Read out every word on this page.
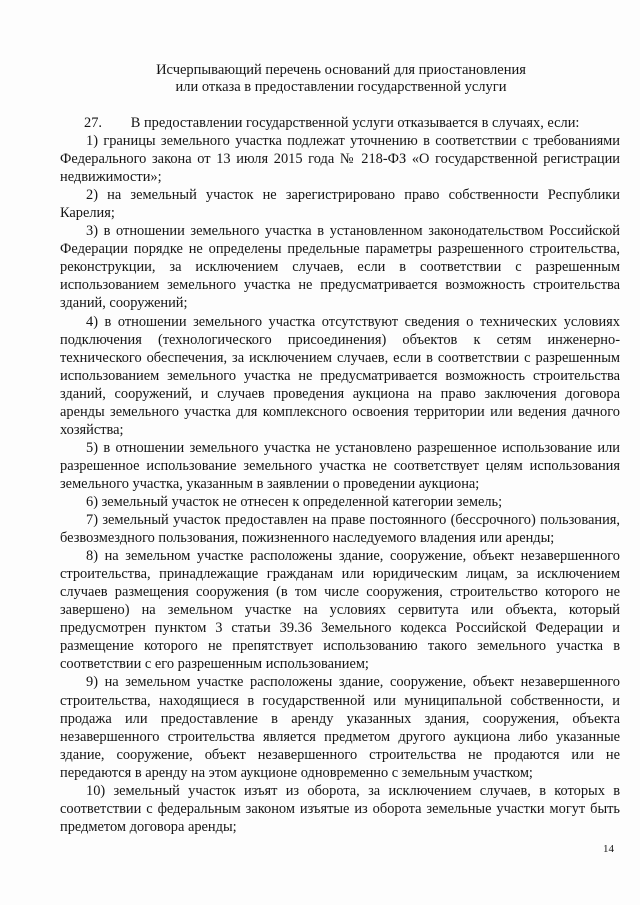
Исчерпывающий перечень оснований для приостановления
или отказа в предоставлении государственной услуги

27.        В предоставлении государственной услуги отказывается в случаях, если:

1) границы земельного участка подлежат уточнению в соответствии с требованиями Федерального закона от 13 июля 2015 года № 218-ФЗ «О государственной регистрации недвижимости»;

2) на земельный участок не зарегистрировано право собственности Республики Карелия;

3) в отношении земельного участка в установленном законодательством Российской Федерации порядке не определены предельные параметры разрешенного строительства, реконструкции, за исключением случаев, если в соответствии с разрешенным использованием земельного участка не предусматривается возможность строительства зданий, сооружений;

4) в отношении земельного участка отсутствуют сведения о технических условиях подключения (технологического присоединения) объектов к сетям инженерно-технического обеспечения, за исключением случаев, если в соответствии с разрешенным использованием земельного участка не предусматривается возможность строительства зданий, сооружений, и случаев проведения аукциона на право заключения договора аренды земельного участка для комплексного освоения территории или ведения дачного хозяйства;

5) в отношении земельного участка не установлено разрешенное использование или разрешенное использование земельного участка не соответствует целям использования земельного участка, указанным в заявлении о проведении аукциона;

6) земельный участок не отнесен к определенной категории земель;

7) земельный участок предоставлен на праве постоянного (бессрочного) пользования, безвозмездного пользования, пожизненного наследуемого владения или аренды;

8) на земельном участке расположены здание, сооружение, объект незавершенного строительства, принадлежащие гражданам или юридическим лицам, за исключением случаев размещения сооружения (в том числе сооружения, строительство которого не завершено) на земельном участке на условиях сервитута или объекта, который предусмотрен пунктом 3 статьи 39.36 Земельного кодекса Российской Федерации и размещение которого не препятствует использованию такого земельного участка в соответствии с его разрешенным использованием;

9) на земельном участке расположены здание, сооружение, объект незавершенного строительства, находящиеся в государственной или муниципальной собственности, и продажа или предоставление в аренду указанных здания, сооружения, объекта незавершенного строительства является предметом другого аукциона либо указанные здание, сооружение, объект незавершенного строительства не продаются или не передаются в аренду на этом аукционе одновременно с земельным участком;

10) земельный участок изъят из оборота, за исключением случаев, в которых в соответствии с федеральным законом изъятые из оборота земельные участки могут быть предметом договора аренды;

14
